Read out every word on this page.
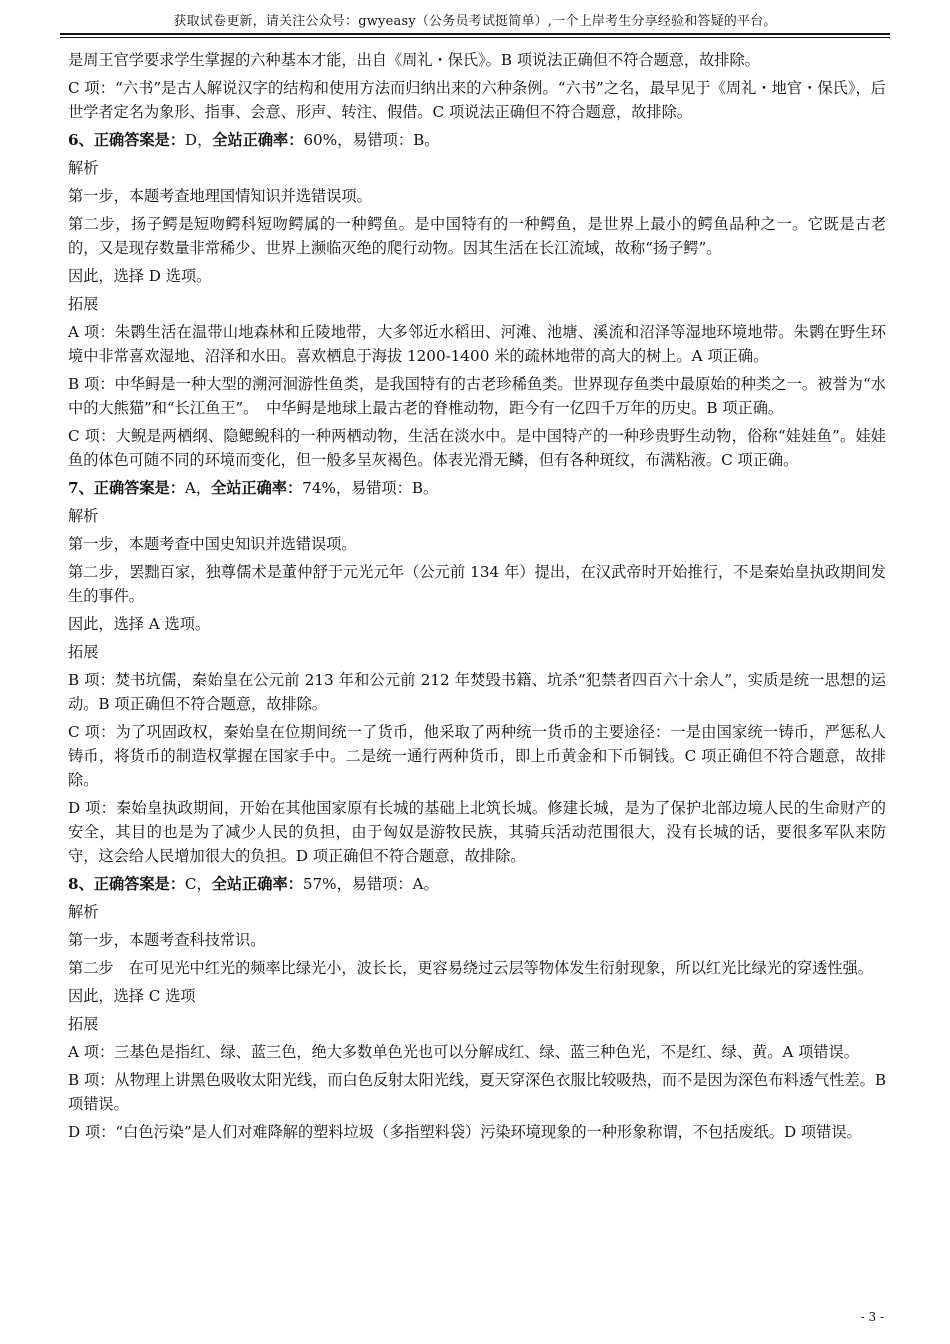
获取试卷更新，请关注公众号：gwyeasy（公务员考试挺简单）,一个上岸考生分享经验和答疑的平台。

是周王官学要求学生掌握的六种基本才能，出自《周礼・保氏》。B 项说法正确但不符合题意，故排除。

C 项：“六书”是古人解说汉字的结构和使用方法而归纳出来的六种条例。“六书”之名，最早见于《周礼・地官・保氏》，后世学者定名为象形、指事、会意、形声、转注、假借。C 项说法正确但不符合题意，故排除。

6、正确答案是：D，全站正确率：60%，易错项：B。

解析

第一步，本题考查地理国情知识并选错误项。

第二步，扬子鳄是短吻鳄科短吻鳄属的一种鳄鱼。是中国特有的一种鳄鱼，是世界上最小的鳄鱼品种之一。它既是古老的，又是现存数量非常稀少、世界上濒临灭绝的爬行动物。因其生活在长江流域，故称“扬子鳄”。

因此，选择 D 选项。

拓展

A 项：朱鹮生活在温带山地森林和丘陵地带，大多邻近水稻田、河滩、池塘、溪流和沼泽等湿地环境地带。朱鹮在野生环境中非常喜欢湿地、沼泽和水田。喜欢栖息于海拔 1200-1400 米的疏林地带的高大的树上。A 项正确。

B 项：中华鲟是一种大型的溯河洄游性鱼类，是我国特有的古老珍稀鱼类。世界现存鱼类中最原始的种类之一。被誉为“水中的大熊猫”和“长江鱼王”。　中华鲟是地球上最古老的脊椎动物，距今有一亿四千万年的历史。B 项正确。

C 项：大鲵是两栖纲、隐鳃鲵科的一种两栖动物，生活在淡水中。是中国特产的一种珍贵野生动物，俗称“娃娃鱼”。娃娃鱼的体色可随不同的环境而变化，但一般多呈灰褐色。体表光滑无鳞，但有各种斑纹，布满粘液。C 项正确。

7、正确答案是：A，全站正确率：74%，易错项：B。

解析

第一步，本题考查中国史知识并选错误项。

第二步，罢黜百家，独尊儒术是董仲舒于元光元年（公元前 134 年）提出，在汉武帝时开始推行，不是秦始皇执政期间发生的事件。

因此，选择 A 选项。

拓展

B 项：焚书坑儒，秦始皇在公元前 213 年和公元前 212 年焚毁书籍、坑杀“犯禁者四百六十余人”，实质是统一思想的运动。B 项正确但不符合题意，故排除。

C 项：为了巩固政权，秦始皇在位期间统一了货币，他采取了两种统一货币的主要途径：一是由国家统一铸币，严惩私人铸币，将货币的制造权掌握在国家手中。二是统一通行两种货币，即上币黄金和下币铜钱。C 项正确但不符合题意，故排除。

D 项：秦始皇执政期间，开始在其他国家原有长城的基础上北筑长城。修建长城，是为了保护北部边境人民的生命财产的安全，其目的也是为了减少人民的负担，由于匈奴是游牧民族，其骑兵活动范围很大，没有长城的话，要很多军队来防守，这会给人民增加很大的负担。D 项正确但不符合题意，故排除。

8、正确答案是：C，全站正确率：57%，易错项：A。

解析

第一步，本题考查科技常识。

第二步　在可见光中红光的频率比绿光小，波长长，更容易绕过云层等物体发生衍射现象，所以红光比绿光的穿透性强。

因此，选择 C 选项

拓展

A 项：三基色是指红、绿、蓝三色，绝大多数单色光也可以分解成红、绿、蓝三种色光，不是红、绿、黄。A 项错误。

B 项：从物理上讲黑色吸收太阳光线，而白色反射太阳光线，夏天穿深色衣服比较吸热，而不是因为深色布料透气性差。B 项错误。

D 项：“白色污染”是人们对难降解的塑料垃圾（多指塑料袋）污染环境现象的一种形象称谓，不包括废纸。D 项错误。

- 3 -
